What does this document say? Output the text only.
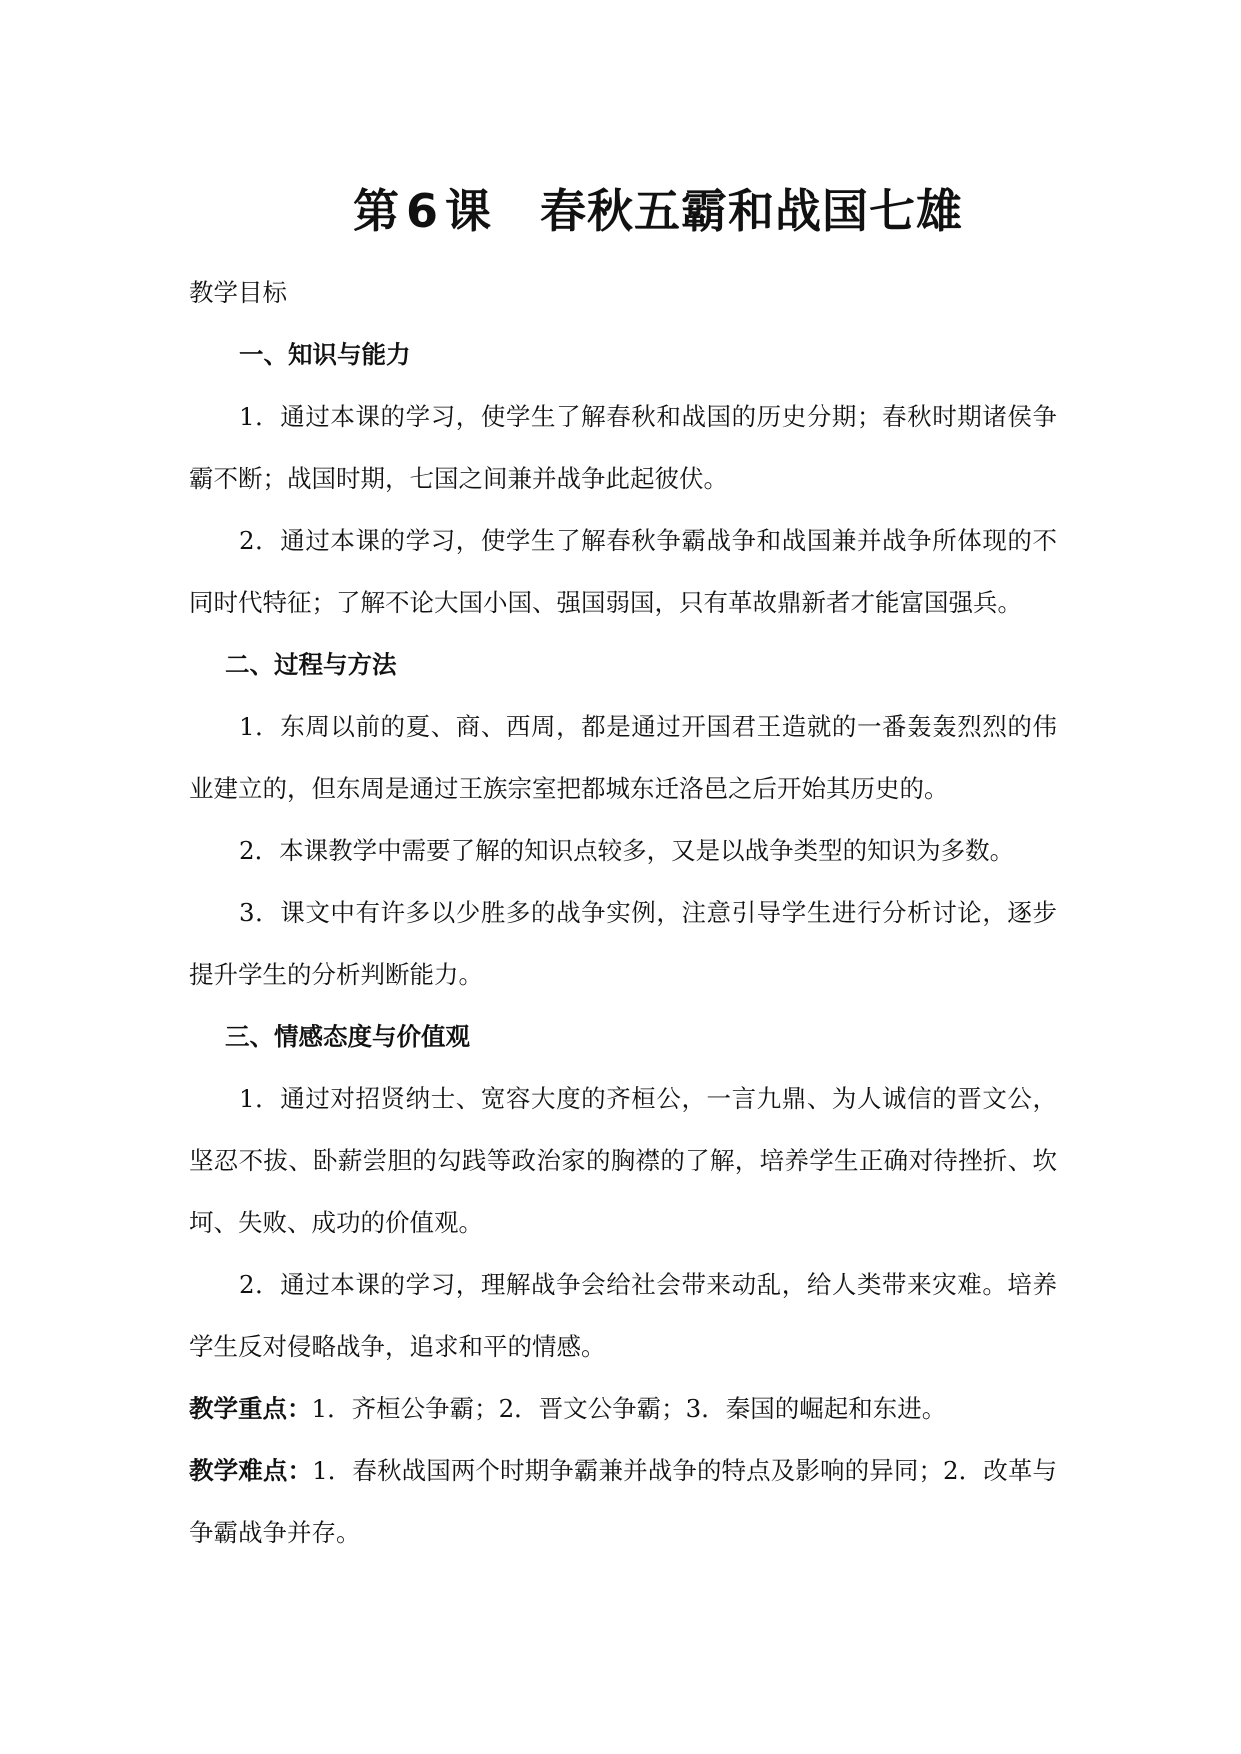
第 6 课 春秋五霸和战国七雄

教学目标

一、知识与能力

1．通过本课的学习，使学生了解春秋和战国的历史分期；春秋时期诸侯争霸不断；战国时期，七国之间兼并战争此起彼伏。

2．通过本课的学习，使学生了解春秋争霸战争和战国兼并战争所体现的不同时代特征；了解不论大国小国、强国弱国，只有革故鼎新者才能富国强兵。

二、过程与方法

1．东周以前的夏、商、西周，都是通过开国君王造就的一番轰轰烈烈的伟业建立的，但东周是通过王族宗室把都城东迁洛邑之后开始其历史的。

2．本课教学中需要了解的知识点较多，又是以战争类型的知识为多数。

3．课文中有许多以少胜多的战争实例，注意引导学生进行分析讨论，逐步提升学生的分析判断能力。

三、情感态度与价值观

1．通过对招贤纳士、宽容大度的齐桓公，一言九鼎、为人诚信的晋文公，坚忍不拔、卧薪尝胆的勾践等政治家的胸襟的了解，培养学生正确对待挫折、坎坷、失败、成功的价值观。

2．通过本课的学习，理解战争会给社会带来动乱，给人类带来灾难。培养学生反对侵略战争，追求和平的情感。

教学重点：1．齐桓公争霸；2．晋文公争霸；3．秦国的崛起和东进。

教学难点：1．春秋战国两个时期争霸兼并战争的特点及影响的异同；2．改革与争霸战争并存。
